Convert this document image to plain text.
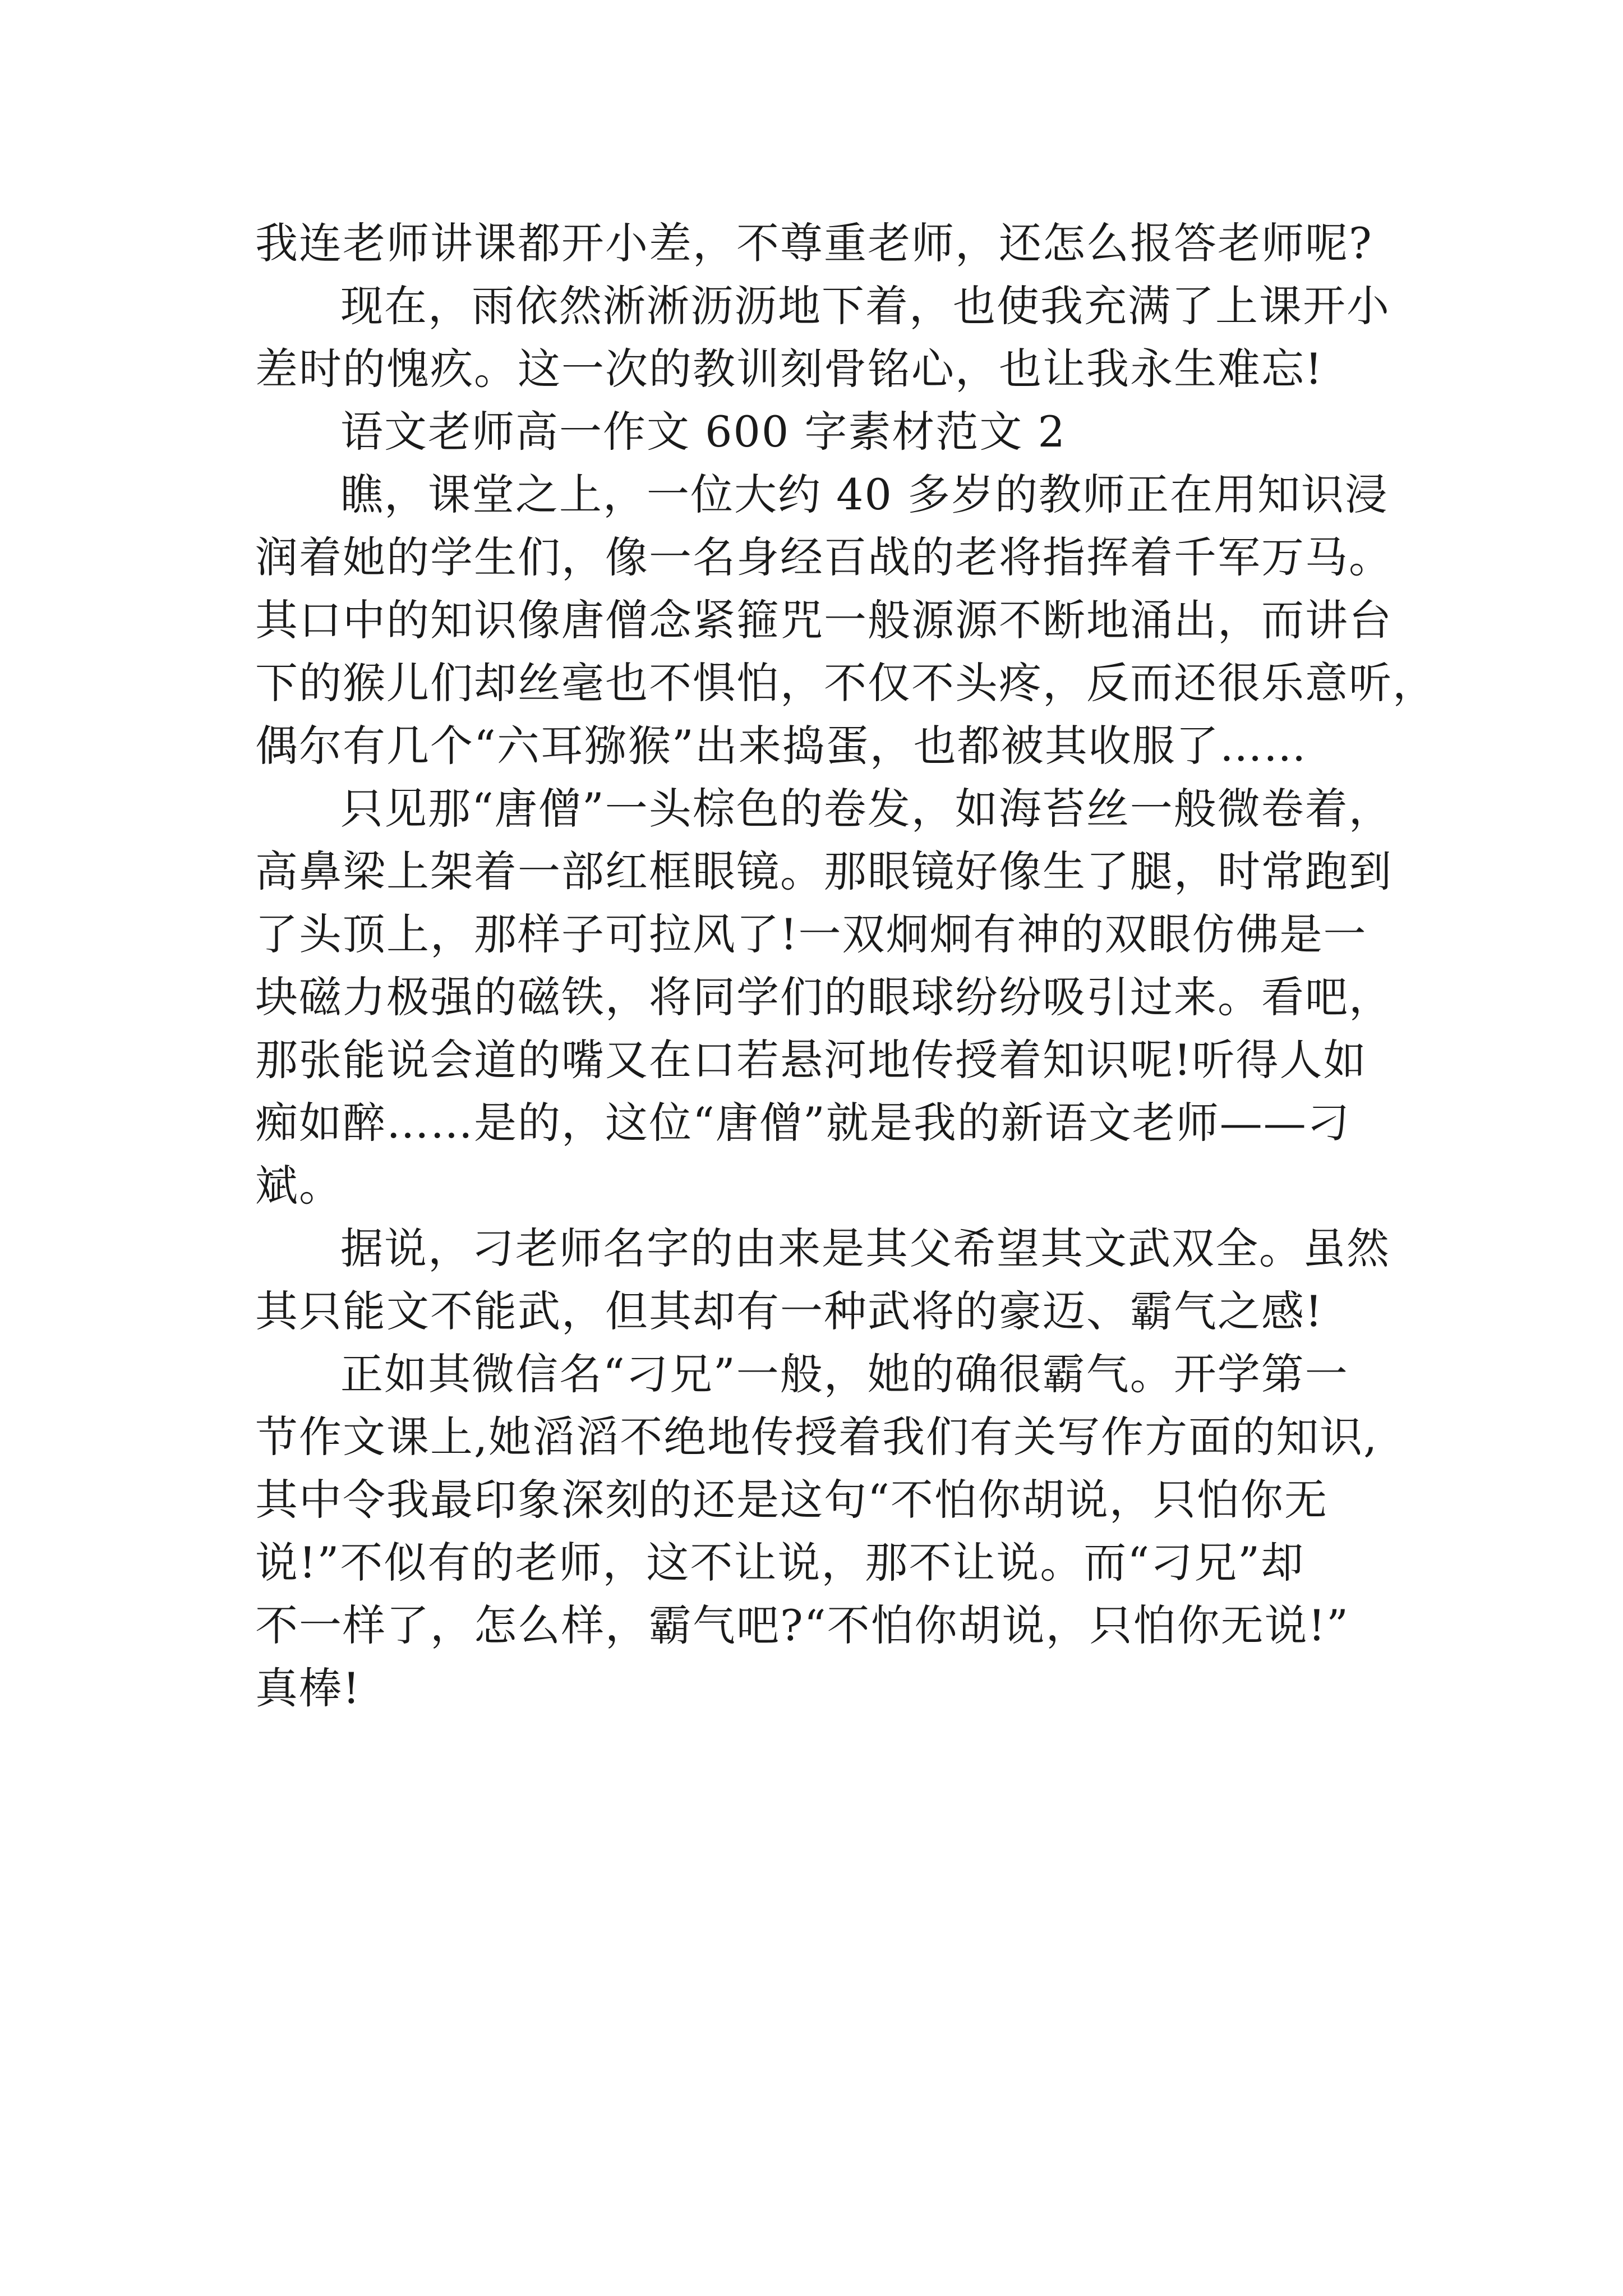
我连老师讲课都开小差，不尊重老师，还怎么报答老师呢?
现在，雨依然淅淅沥沥地下着，也使我充满了上课开小
差时的愧疚。这一次的教训刻骨铭心，也让我永生难忘!
语文老师高一作文 600 字素材范文 2
瞧，课堂之上，一位大约 40 多岁的教师正在用知识浸
润着她的学生们，像一名身经百战的老将指挥着千军万马。
其口中的知识像唐僧念紧箍咒一般源源不断地涌出，而讲台
下的猴儿们却丝毫也不惧怕，不仅不头疼，反而还很乐意听，
偶尔有几个“六耳猕猴”出来捣蛋，也都被其收服了……
只见那“唐僧”一头棕色的卷发，如海苔丝一般微卷着，
高鼻梁上架着一部红框眼镜。那眼镜好像生了腿，时常跑到
了头顶上，那样子可拉风了!一双炯炯有神的双眼仿佛是一
块磁力极强的磁铁，将同学们的眼球纷纷吸引过来。看吧，
那张能说会道的嘴又在口若悬河地传授着知识呢!听得人如
痴如醉……是的，这位“唐僧”就是我的新语文老师——刁
斌。
据说，刁老师名字的由来是其父希望其文武双全。虽然
其只能文不能武，但其却有一种武将的豪迈、霸气之感!
正如其微信名“刁兄”一般，她的确很霸气。开学第一
节作文课上,她滔滔不绝地传授着我们有关写作方面的知识,
其中令我最印象深刻的还是这句“不怕你胡说，只怕你无
说!”不似有的老师，这不让说，那不让说。而“刁兄”却
不一样了，怎么样，霸气吧?“不怕你胡说，只怕你无说!”
真棒!
